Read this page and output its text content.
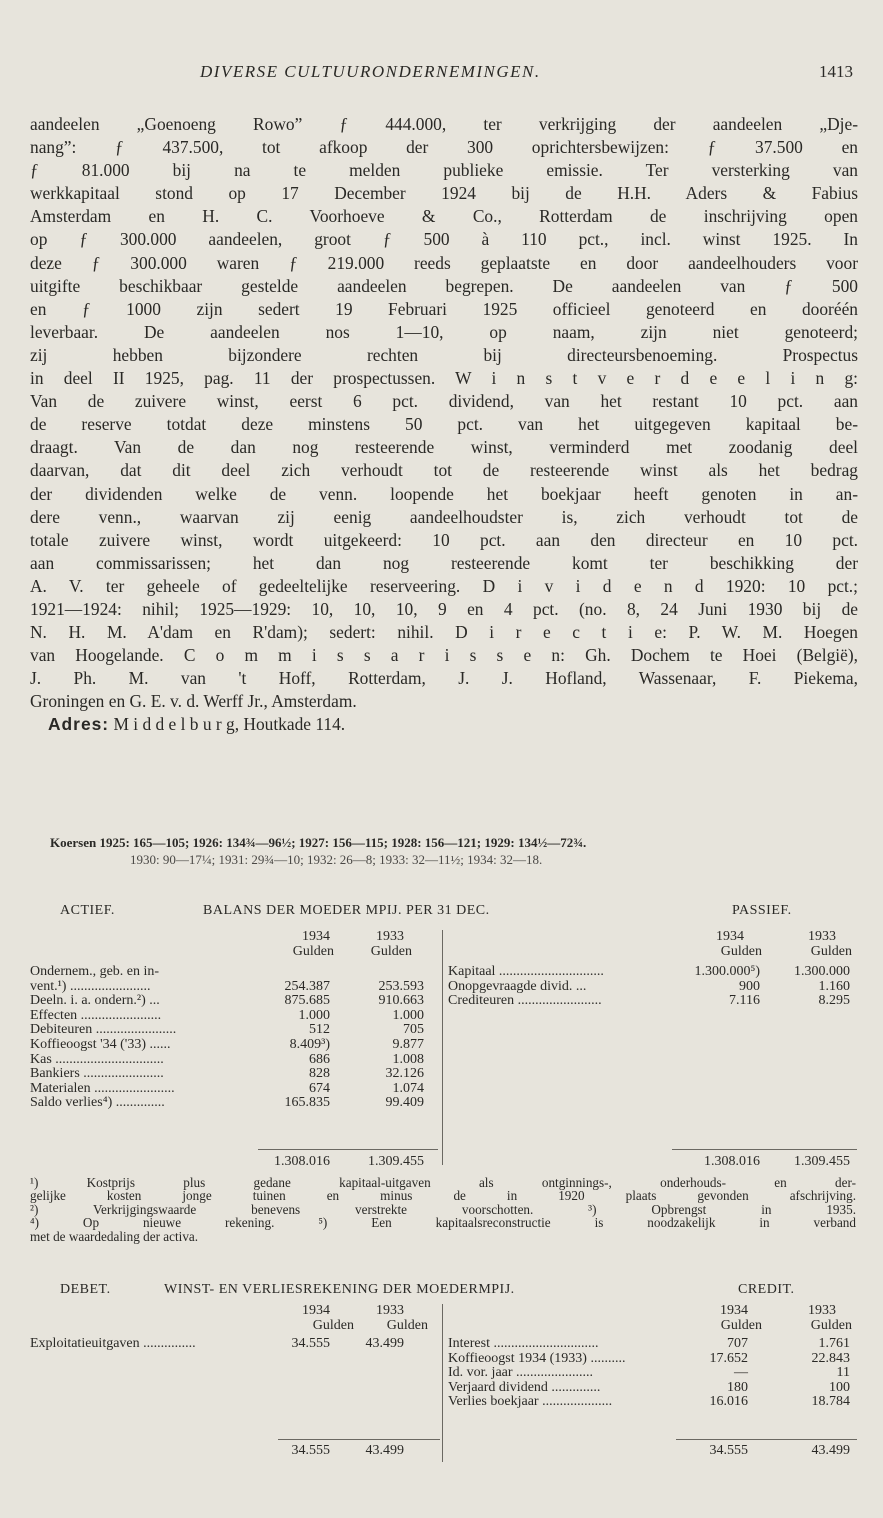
DIVERSE CULTUURONDERNEMINGEN.	1413
aandeelen „Goenoeng Rowo” ƒ 444.000, ter verkrijging der aandeelen „Dje-
nang”: ƒ 437.500, tot afkoop der 300 oprichtersbewijzen: ƒ 37.500 en
ƒ 81.000 bij na te melden publieke emissie. Ter versterking van
werkkapitaal stond op 17 December 1924 bij de H.H. Aders & Fabius
Amsterdam en H. C. Voorhoeve & Co., Rotterdam de inschrijving open
op ƒ 300.000 aandeelen, groot ƒ 500 à 110 pct., incl. winst 1925. In
deze ƒ 300.000 waren ƒ 219.000 reeds geplaatste en door aandeelhouders voor
uitgifte beschikbaar gestelde aandeelen begrepen. De aandeelen van ƒ 500
en ƒ 1000 zijn sedert 19 Februari 1925 officieel genoteerd en dooréén
leverbaar. De aandeelen nos 1—10, op naam, zijn niet genoteerd;
zij hebben bijzondere rechten bij directeursbenoeming. Prospectus
in deel II 1925, pag. 11 der prospectussen. W i n s t v e r d e e l i n g:
Van de zuivere winst, eerst 6 pct. dividend, van het restant 10 pct. aan
de reserve totdat deze minstens 50 pct. van het uitgegeven kapitaal be-
draagt. Van de dan nog resteerende winst, verminderd met zoodanig deel
daarvan, dat dit deel zich verhoudt tot de resteerende winst als het bedrag
der dividenden welke de venn. loopende het boekjaar heeft genoten in an-
dere venn., waarvan zij eenig aandeelhoudster is, zich verhoudt tot de
totale zuivere winst, wordt uitgekeerd: 10 pct. aan den directeur en 10 pct.
aan commissarissen; het dan nog resteerende komt ter beschikking der
A. V. ter geheele of gedeeltelijke reserveering. D i v i d e n d 1920: 10 pct.;
1921—1924: nihil; 1925—1929: 10, 10, 10, 9 en 4 pct. (no. 8, 24 Juni 1930 bij de
N. H. M. A'dam en R'dam); sedert: nihil. D i r e c t i e: P. W. M. Hoegen
van Hoogelande. C o m m i s s a r i s s e n: Gh. Dochem te Hoei (België),
J. Ph. M. van 't Hoff, Rotterdam, J. J. Hofland, Wassenaar, F. Piekema,
Groningen en G. E. v. d. Werff Jr., Amsterdam.
Adres: M i d d e l b u r g, Houtkade 114.
Koersen 1925: 165—105; 1926: 134¾—96½; 1927: 156—115; 1928: 156—121; 1929: 134½—72¾.
1930: 90—17¼; 1931: 29¾—10; 1932: 26—8; 1933: 32—11½; 1934: 32—18.
ACTIEF.	BALANS DER MOEDER MPIJ. PER 31 DEC.	PASSIEF.
1934	1933
Gulden	Gulden
1934	1933
Gulden	Gulden
Ondernem., geb. en in-
vent.¹) .......................	254.387	253.593
Deeln. i. a. ondern.²) ...	875.685	910.663
Effecten .......................	1.000	1.000
Debiteuren .......................	512	705
Koffieoogst '34 ('33) ......	8.409³)	9.877
Kas ...............................	686	1.008
Bankiers .......................	828	32.126
Materialen .......................	674	1.074
Saldo verlies⁴) ..............	165.835	99.409
Kapitaal ..............................	1.300.000⁵) 1.300.000
Onopgevraagde divid. ...	900	1.160
Crediteuren ........................	7.116	8.295
1.308.016	1.309.455	1.308.016 1.309.455
¹) Kostprijs plus gedane kapitaal-uitgaven als ontginnings-, onderhouds- en der-
gelijke kosten jonge tuinen en minus de in 1920 plaats gevonden afschrijving.
²) Verkrijgingswaarde benevens verstrekte voorschotten. ³) Opbrengst in 1935.
⁴) Op nieuwe rekening. ⁵) Een kapitaalsreconstructie is noodzakelijk in verband
met de waardedaling der activa.
DEBET.	WINST- EN VERLIESREKENING DER MOEDERMPIJ.	CREDIT.
1934	1933
Gulden Gulden
1934	1933
Gulden	Gulden
Exploitatieuitgaven ...............	34.555	43.499	Interest ..............................	707	1.761
Koffieoogst 1934 (1933) ..........	17.652	22.843
Id. vor. jaar ......................	—	11
Verjaard dividend ..............	180	100
Verlies boekjaar ....................	16.016	18.784
34.555	43.499	34.555	43.499
